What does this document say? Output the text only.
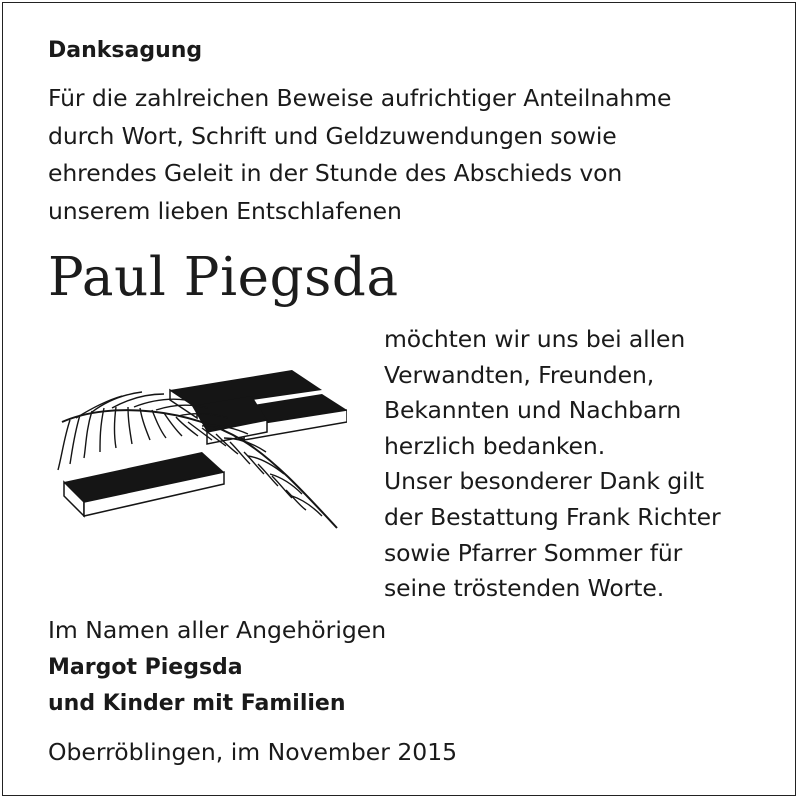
Danksagung
Für die zahlreichen Beweise aufrichtiger Anteilnahme
durch Wort, Schrift und Geldzuwendungen sowie
ehrendes Geleit in der Stunde des Abschieds von
unserem lieben Entschlafenen
Paul Piegsda
möchten wir uns bei allen
Verwandten, Freunden,
Bekannten und Nachbarn
herzlich bedanken.
Unser besonderer Dank gilt
der Bestattung Frank Richter
sowie Pfarrer Sommer für
seine tröstenden Worte.
Im Namen aller Angehörigen
Margot Piegsda
und Kinder mit Familien
Oberröblingen, im November 2015
